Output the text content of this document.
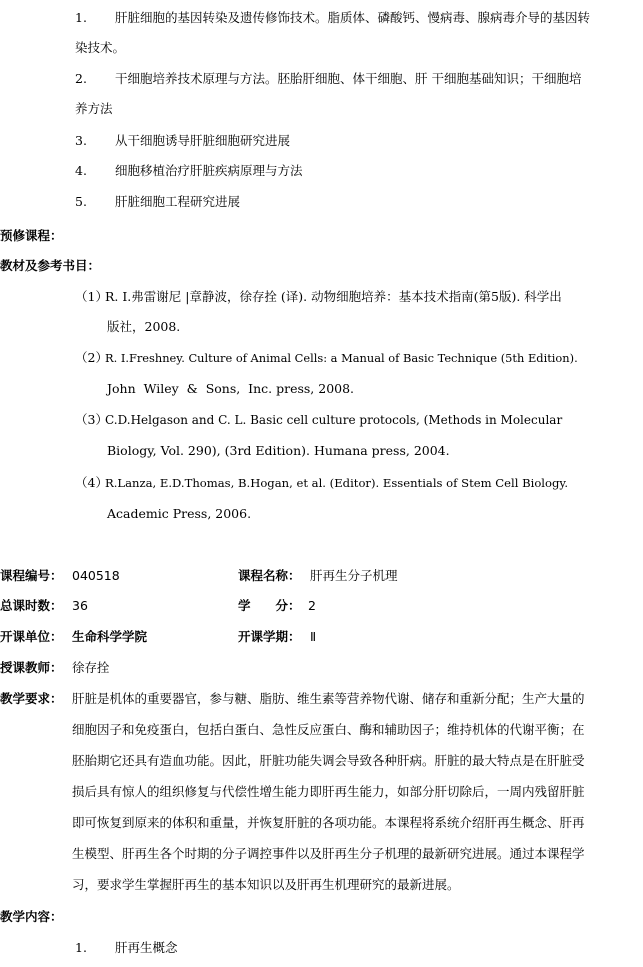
1. 肝脏细胞的基因转染及遗传修饰技术。脂质体、磷酸钙、慢病毒、腺病毒介导的基因转
染技术。
2. 干细胞培养技术原理与方法。胚胎肝细胞、体干细胞、肝 干细胞基础知识；干细胞培
养方法
3. 从干细胞诱导肝脏细胞研究进展
4. 细胞移植治疗肝脏疾病原理与方法
5. 肝脏细胞工程研究进展
预修课程：
教材及参考书目：
（1）R. I.弗雷谢尼 |章静波，徐存拴 (译). 动物细胞培养：基本技术指南(第5版). 科学出
版社，2008.
（2）R. I.Freshney. Culture of Animal Cells: a Manual of Basic Technique (5th Edition).
John  Wiley  &  Sons,  Inc. press, 2008.
（3）C.D.Helgason and C. L. Basic cell culture protocols, (Methods in Molecular
Biology, Vol. 290), (3rd Edition). Humana press, 2004.
（4）R.Lanza, E.D.Thomas, B.Hogan, et al. (Editor). Essentials of Stem Cell Biology.
Academic Press, 2006.
课程编号： 040518	课程名称： 肝再生分子机理
总课时数： 36	学　　分： 2
开课单位： 生命科学学院	开课学期： Ⅱ
授课教师： 徐存拴
教学要求： 肝脏是机体的重要器官，参与糖、脂肪、维生素等营养物代谢、储存和重新分配；生产大量的
细胞因子和免疫蛋白，包括白蛋白、急性反应蛋白、酶和辅助因子；维持机体的代谢平衡；在
胚胎期它还具有造血功能。因此，肝脏功能失调会导致各种肝病。肝脏的最大特点是在肝脏受
损后具有惊人的组织修复与代偿性增生能力即肝再生能力，如部分肝切除后，一周内残留肝脏
即可恢复到原来的体积和重量，并恢复肝脏的各项功能。本课程将系统介绍肝再生概念、肝再
生模型、肝再生各个时期的分子调控事件以及肝再生分子机理的最新研究进展。通过本课程学
习，要求学生掌握肝再生的基本知识以及肝再生机理研究的最新进展。
教学内容：
1. 肝再生概念
